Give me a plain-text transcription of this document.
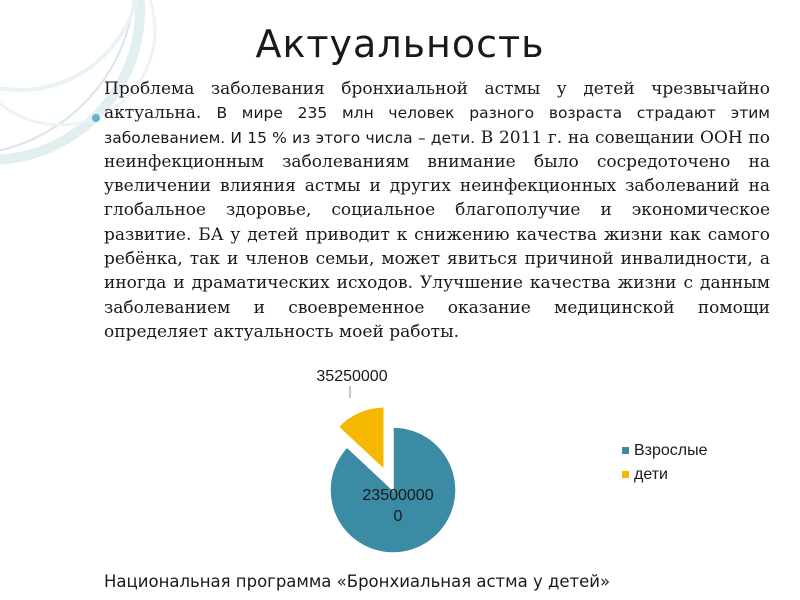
Актуальность
Проблема заболевания бронхиальной астмы у детей чрезвычайно актуальна. В мире 235 млн человек разного возраста страдают этим заболеванием. И 15 % из этого числа – дети. В 2011 г. на совещании ООН по неинфекционным заболеваниям внимание было сосредоточено на увеличении влияния астмы и других неинфекционных заболеваний на глобальное здоровье, социальное благополучие и экономическое развитие. БА у детей приводит к снижению качества жизни как самого ребёнка, так и членов семьи, может явиться причиной инвалидности, а иногда и драматических исходов. Улучшение качества жизни с данным заболеванием и своевременное оказание медицинской помощи определяет актуальность моей работы.
23500000 0
35250000
Взрослые
дети
Национальная программа «Бронхиальная астма у детей»
